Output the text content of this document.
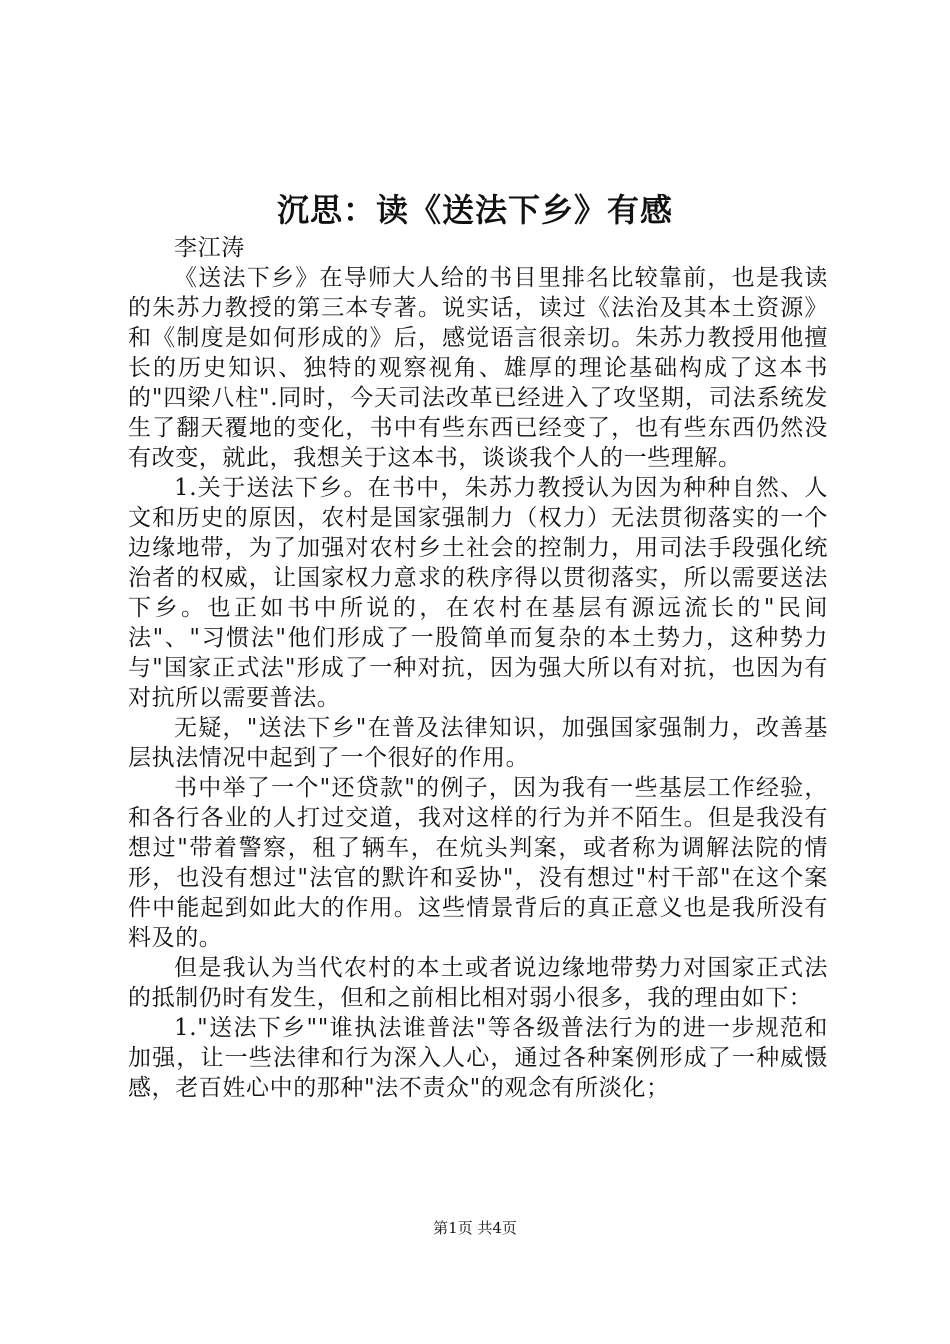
沉思：读《送法下乡》有感

李江涛

《送法下乡》在导师大人给的书目里排名比较靠前，也是我读的朱苏力教授的第三本专著。说实话，读过《法治及其本土资源》和《制度是如何形成的》后，感觉语言很亲切。朱苏力教授用他擅长的历史知识、独特的观察视角、雄厚的理论基础构成了这本书的"四梁八柱".同时，今天司法改革已经进入了攻坚期，司法系统发生了翻天覆地的变化，书中有些东西已经变了，也有些东西仍然没有改变，就此，我想关于这本书，谈谈我个人的一些理解。

1.关于送法下乡。在书中，朱苏力教授认为因为种种自然、人文和历史的原因，农村是国家强制力（权力）无法贯彻落实的一个边缘地带，为了加强对农村乡土社会的控制力，用司法手段强化统治者的权威，让国家权力意求的秩序得以贯彻落实，所以需要送法下乡。也正如书中所说的，在农村在基层有源远流长的"民间法"、"习惯法"他们形成了一股简单而复杂的本土势力，这种势力与"国家正式法"形成了一种对抗，因为强大所以有对抗，也因为有对抗所以需要普法。

无疑，"送法下乡"在普及法律知识，加强国家强制力，改善基层执法情况中起到了一个很好的作用。

书中举了一个"还贷款"的例子，因为我有一些基层工作经验，和各行各业的人打过交道，我对这样的行为并不陌生。但是我没有想过"带着警察，租了辆车，在炕头判案，或者称为调解法院的情形，也没有想过"法官的默许和妥协"，没有想过"村干部"在这个案件中能起到如此大的作用。这些情景背后的真正意义也是我所没有料及的。

但是我认为当代农村的本土或者说边缘地带势力对国家正式法的抵制仍时有发生，但和之前相比相对弱小很多，我的理由如下：

1."送法下乡""谁执法谁普法"等各级普法行为的进一步规范和加强，让一些法律和行为深入人心，通过各种案例形成了一种威慑感，老百姓心中的那种"法不责众"的观念有所淡化；

第1页 共4页
